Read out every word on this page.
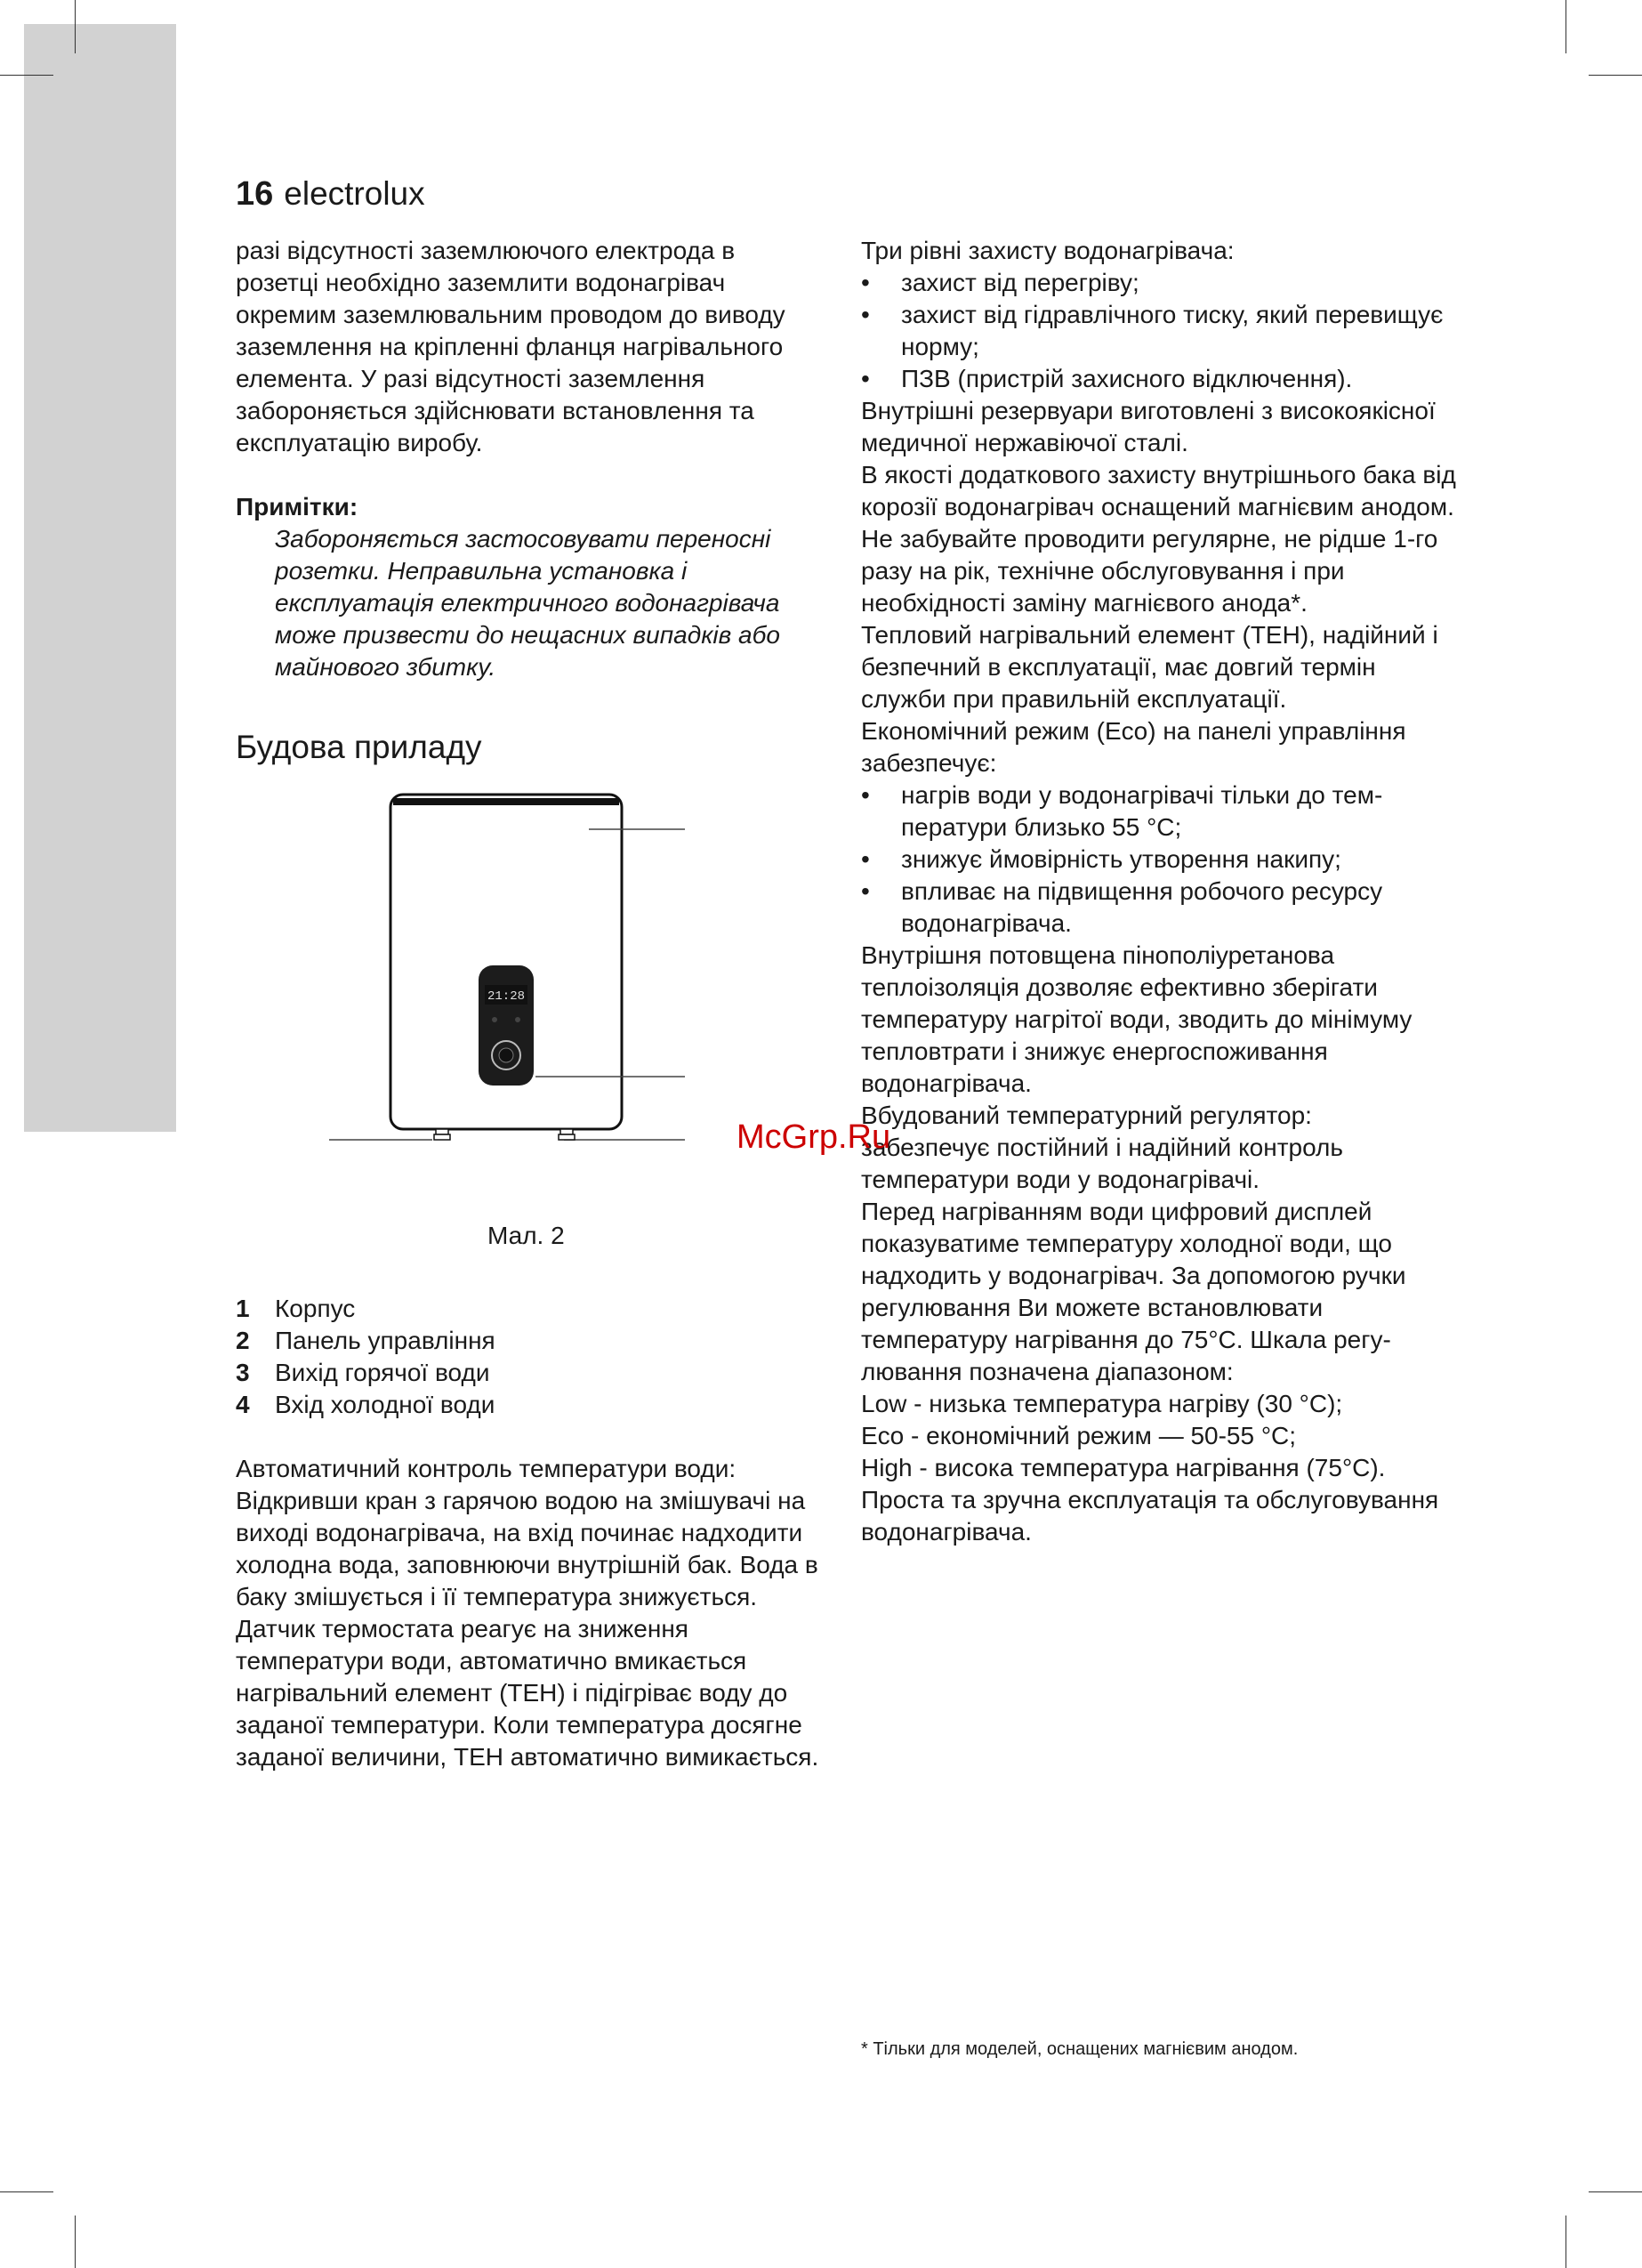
16 electrolux

разі відсутності заземлюючого електрода в розетці необхідно заземлити водонагрівач окремим заземлювальним проводом до виводу заземлення на кріпленні фланця нагрівального елемента. У разі відсутності заземлення забороняється здійснювати встановлення та експлуатацію виробу.

Примітки:

Забороняється застосовувати переносні розетки. Неправильна установка і експлуатація електричного водонагрівача може призвести до нещасних випадків або майнового збитку.

Будова приладу

21:28
Мал. 2
1	Корпус
2	Панель управління
3	Вихід горячої води
4	Вхід холодної води

Автоматичний контроль температури води:

Відкривши кран з гарячою водою на змішувачі на виході водонагрівача, на вхід починає надходити холодна вода, заповнюючи внутрішній бак. Вода в баку змішується і її температура знижується. Датчик термостата реагує на зниження температури води, автоматично вмикається нагрівальний елемент (ТЕН) і підігріває воду до заданої температури. Коли температура досягне заданої величини, ТЕН автоматично вимикається.

Три рівні захисту водонагрівача:

• захист від перегріву;

• захист від гідравлічного тиску, який перевищує норму;

• ПЗВ (пристрій захисного відключення).

Внутрішні резервуари виготовлені з високоякісної медичної нержавіючої сталі.

В якості додаткового захисту внутрішнього бака від корозії водонагрівач оснащений магнієвим анодом. Не забувайте проводити регулярне, не рідше 1-го разу на рік, технічне обслуговування і при необхідності заміну магнієвого анода*.

Тепловий нагрівальний елемент (ТЕН), надійний і безпечний в експлуатації, має довгий термін служби при правильній експлуатації.

Економічний режим (Eco) на панелі управління забезпечує:

• нагрів води у водонагрівачі тільки до температури близько 55 °С;

• знижує ймовірність утворення накипу;

• впливає на підвищення робочого ресурсу водонагрівача.

Внутрішня потовщена пінополіуретанова теплоізоляція дозволяє ефективно зберігати температуру нагрітої води, зводить до мінімуму тепловтрати і знижує енергоспоживання водонагрівача.

Вбудований температурний регулятор:

забезпечує постійний і надійний контроль температури води у водонагрівачі.

Перед нагріванням води цифровий дисплей показуватиме температуру холодної води, що надходить у водонагрівач. За допомогою ручки регулювання Ви можете встановлювати температуру нагрівання до 75°С. Шкала регулювання позначена діапазоном:

Low - низька температура нагріву (30 °С);

Eco - економічний режим — 50-55 °С;

High - висока температура нагрівання (75°С).

Проста та зручна експлуатація та обслуговування водонагрівача.

McGrp.Ru
* Тільки для моделей, оснащених магнієвим анодом.
